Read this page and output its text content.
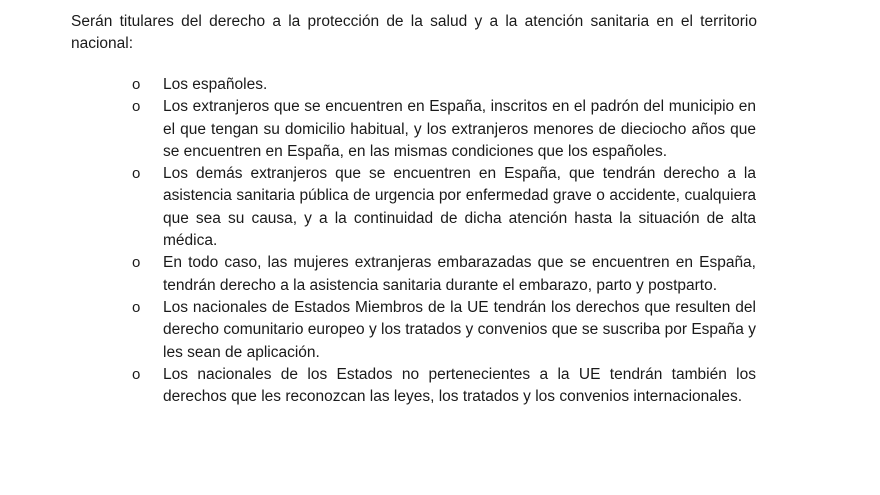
Serán titulares del derecho a la protección de la salud y a la atención sanitaria en el territorio nacional:

o	Los españoles.
o	Los extranjeros que se encuentren en España, inscritos en el padrón del municipio en el que tengan su domicilio habitual, y los extranjeros menores de dieciocho años que se encuentren en España, en las mismas condiciones que los españoles.
o	Los demás extranjeros que se encuentren en España, que tendrán derecho a la asistencia sanitaria pública de urgencia por enfermedad grave o accidente, cualquiera que sea su causa, y a la continuidad de dicha atención hasta la situación de alta médica.
o	En todo caso, las mujeres extranjeras embarazadas que se encuentren en España, tendrán derecho a la asistencia sanitaria durante el embarazo, parto y postparto.
o	Los nacionales de Estados Miembros de la UE tendrán los derechos que resulten del derecho comunitario europeo y los tratados y convenios que se suscriba por España y les sean de aplicación.
o	Los nacionales de los Estados no pertenecientes a la UE tendrán también los derechos que les reconozcan las leyes, los tratados y los convenios internacionales.
